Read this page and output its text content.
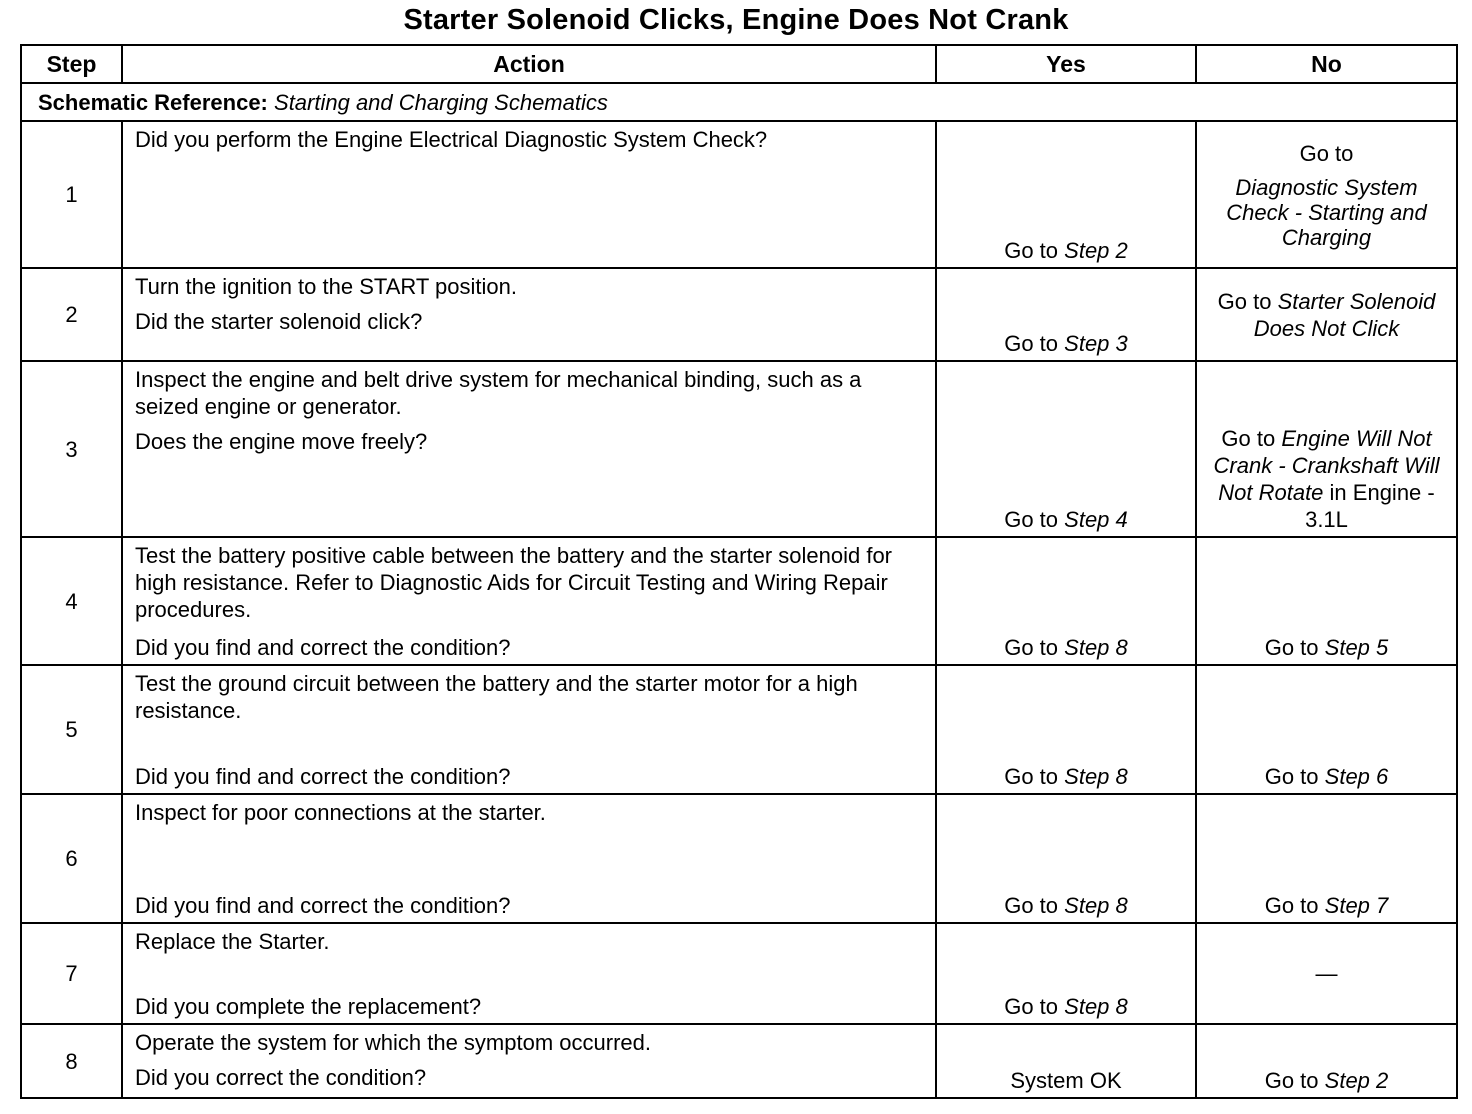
Starter Solenoid Clicks, Engine Does Not Crank
Step	Action	Yes	No
Schematic Reference: Starting and Charging Schematics			
1	Did you perform the Engine Electrical Diagnostic System Check?	Go to Step 2	Go to
Diagnostic System Check - Starting and Charging

2	Turn the ignition to the START position.
Did the starter solenoid click?	Go to Step 3	Go to Starter Solenoid Does Not Click
3	Inspect the engine and belt drive system for mechanical binding, such as a seized engine or generator.
Does the engine move freely?	Go to Step 4	Go to Engine Will Not Crank - Crankshaft Will Not Rotate in Engine - 3.1L
4	Test the battery positive cable between the battery and the starter solenoid for high resistance. Refer to Diagnostic Aids for Circuit Testing and Wiring Repair procedures.
Did you find and correct the condition?	Go to Step 8	Go to Step 5
5	Test the ground circuit between the battery and the starter motor for a high resistance.
Did you find and correct the condition?	Go to Step 8	Go to Step 6
6	Inspect for poor connections at the starter.
Did you find and correct the condition?	Go to Step 8	Go to Step 7
7	Replace the Starter.
Did you complete the replacement?	Go to Step 8	—
8	Operate the system for which the symptom occurred.
Did you correct the condition?	System OK	Go to Step 2
